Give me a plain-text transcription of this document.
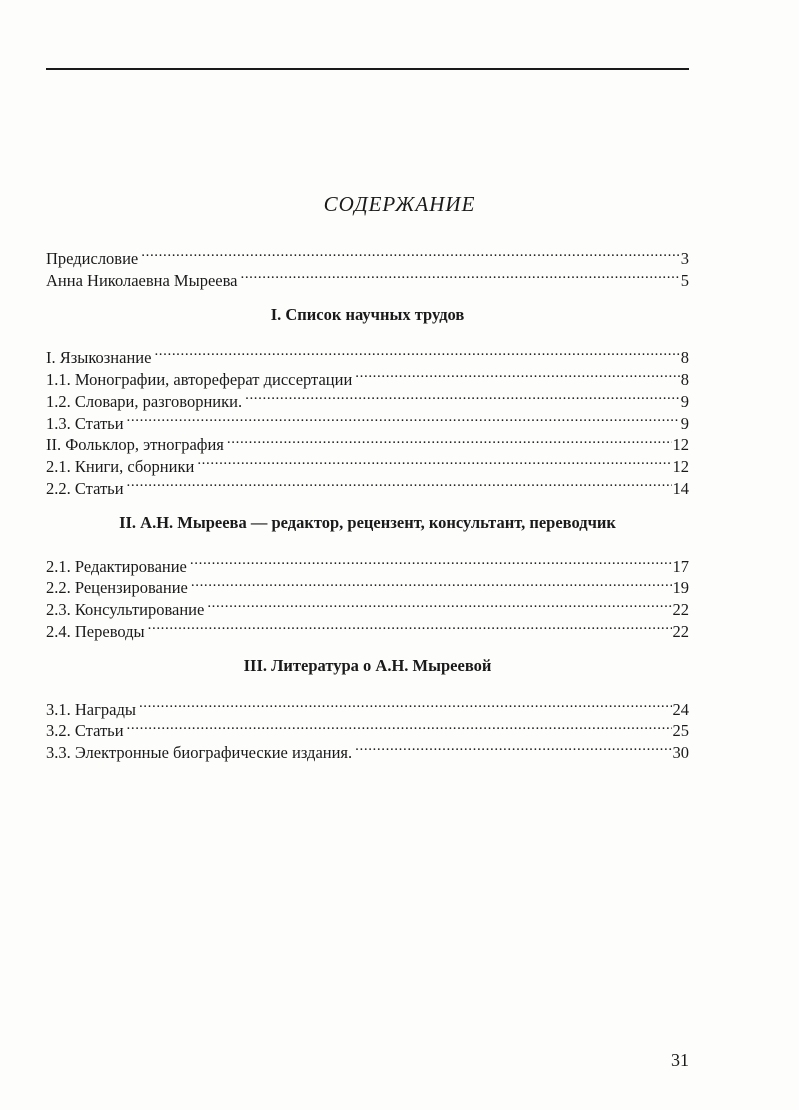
СОДЕРЖАНИЕ
Предисловие .....	3
Анна Николаевна Мыреева .....	5
I. Список научных трудов
I. Языкознание .....	8
1.1. Монографии, автореферат диссертации .....	8
1.2. Словари, разговорники. .....	9
1.3. Статьи .....	9
II. Фольклор, этнография .....	12
2.1. Книги, сборники .....	12
2.2. Статьи .....	14
II. А.Н. Мыреева — редактор, рецензент, консультант, переводчик
2.1. Редактирование .....	17
2.2. Рецензирование .....	19
2.3. Консультирование .....	22
2.4. Переводы .....	22
III. Литература о А.Н. Мыреевой
3.1. Награды .....	24
3.2. Статьи .....	25
3.3. Электронные биографические издания. .....	30
31
